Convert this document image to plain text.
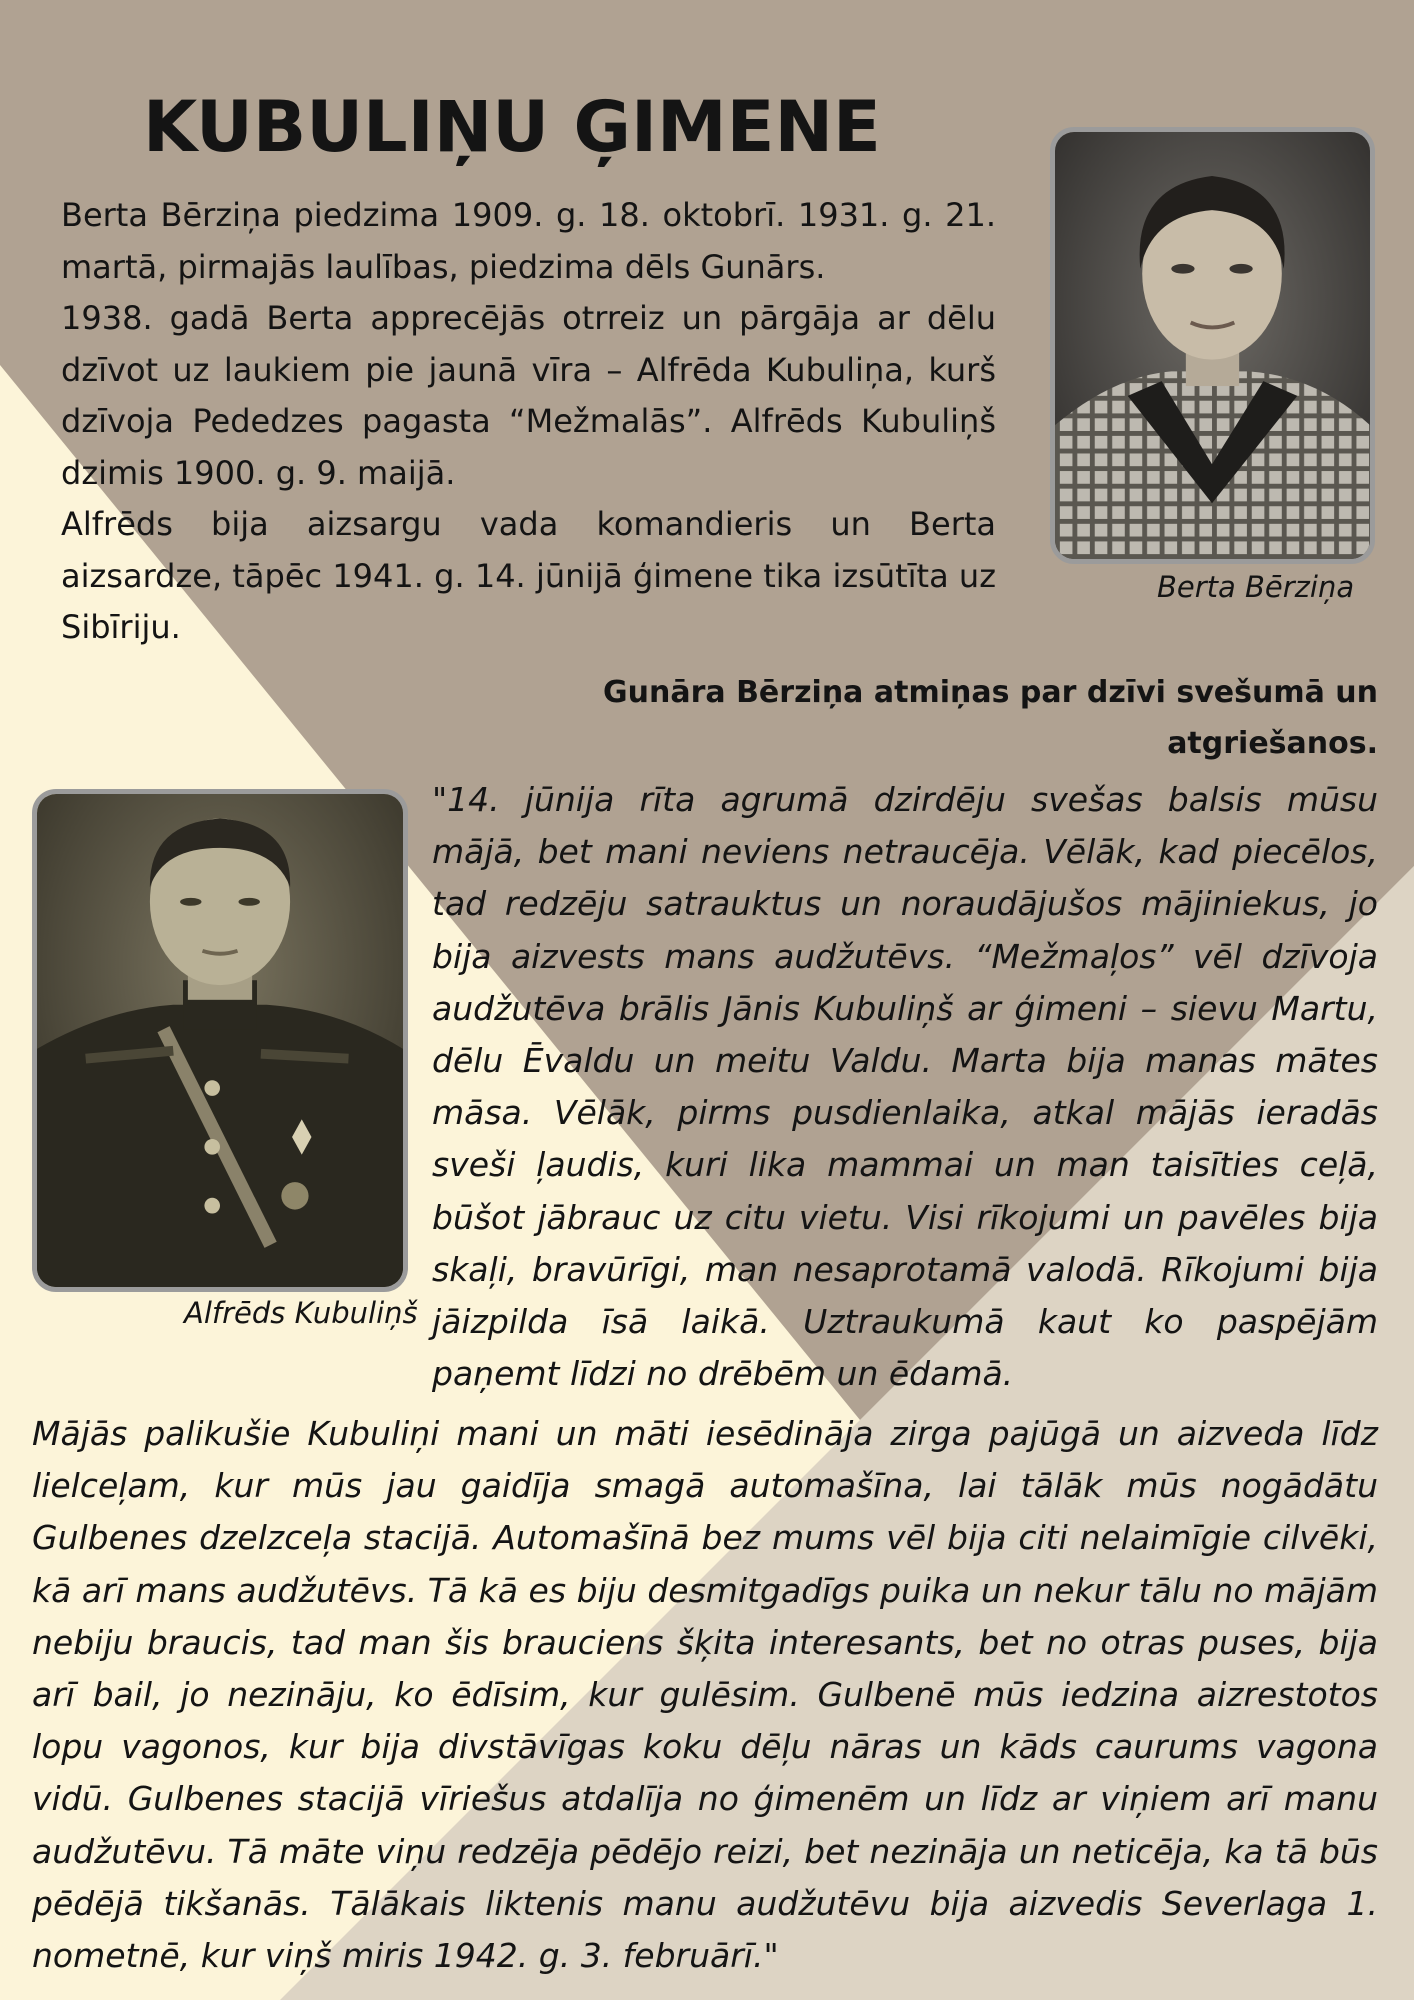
KUBULIŅU ĢIMENE

Berta Bērziņa piedzima 1909. g. 18. oktobrī. 1931. g. 21. martā, pirmajās laulības, piedzima dēls Gunārs.

1938. gadā Berta apprecējās otrreiz un pārgāja ar dēlu dzīvot uz laukiem pie jaunā vīra – Alfrēda Kubuliņa, kurš dzīvoja Pededzes pagasta “Mežmalās”. Alfrēds Kubuliņš dzimis 1900. g. 9. maijā.

Alfrēds bija aizsargu vada komandieris un Berta aizsardze, tāpēc 1941. g. 14. jūnijā ģimene tika izsūtīta uz Sibīriju.

Berta Bērziņa

Gunāra Bērziņa atmiņas par dzīvi svešumā un atgriešanos.

Alfrēds Kubuliņš

"14. jūnija rīta agrumā dzirdēju svešas balsis mūsu mājā, bet mani neviens netraucēja. Vēlāk, kad piecēlos, tad redzēju satrauktus un noraudājušos mājiniekus, jo bija aizvests mans audžutēvs. “Mežmaļos” vēl dzīvoja audžutēva brālis Jānis Kubuliņš ar ģimeni – sievu Martu, dēlu Ēvaldu un meitu Valdu. Marta bija manas mātes māsa. Vēlāk, pirms pusdienlaika, atkal mājās ieradās sveši ļaudis, kuri lika mammai un man taisīties ceļā, būšot jābrauc uz citu vietu. Visi rīkojumi un pavēles bija skaļi, bravūrīgi, man nesaprotamā valodā. Rīkojumi bija jāizpilda īsā laikā. Uztraukumā kaut ko paspējām paņemt līdzi no drēbēm un ēdamā.

Mājās palikušie Kubuliņi mani un māti iesēdināja zirga pajūgā un aizveda līdz lielceļam, kur mūs jau gaidīja smagā automašīna, lai tālāk mūs nogādātu Gulbenes dzelzceļa stacijā. Automašīnā bez mums vēl bija citi nelaimīgie cilvēki, kā arī mans audžutēvs. Tā kā es biju desmitgadīgs puika un nekur tālu no mājām nebiju braucis, tad man šis brauciens šķita interesants, bet no otras puses, bija arī bail, jo nezināju, ko ēdīsim, kur gulēsim. Gulbenē mūs iedzina aizrestotos lopu vagonos, kur bija divstāvīgas koku dēļu nāras un kāds caurums vagona vidū. Gulbenes stacijā vīriešus atdalīja no ģimenēm un līdz ar viņiem arī manu audžutēvu. Tā māte viņu redzēja pēdējo reizi, bet nezināja un neticēja, ka tā būs pēdējā tikšanās. Tālākais liktenis manu audžutēvu bija aizvedis Severlaga 1. nometnē, kur viņš miris 1942. g. 3. februārī."
